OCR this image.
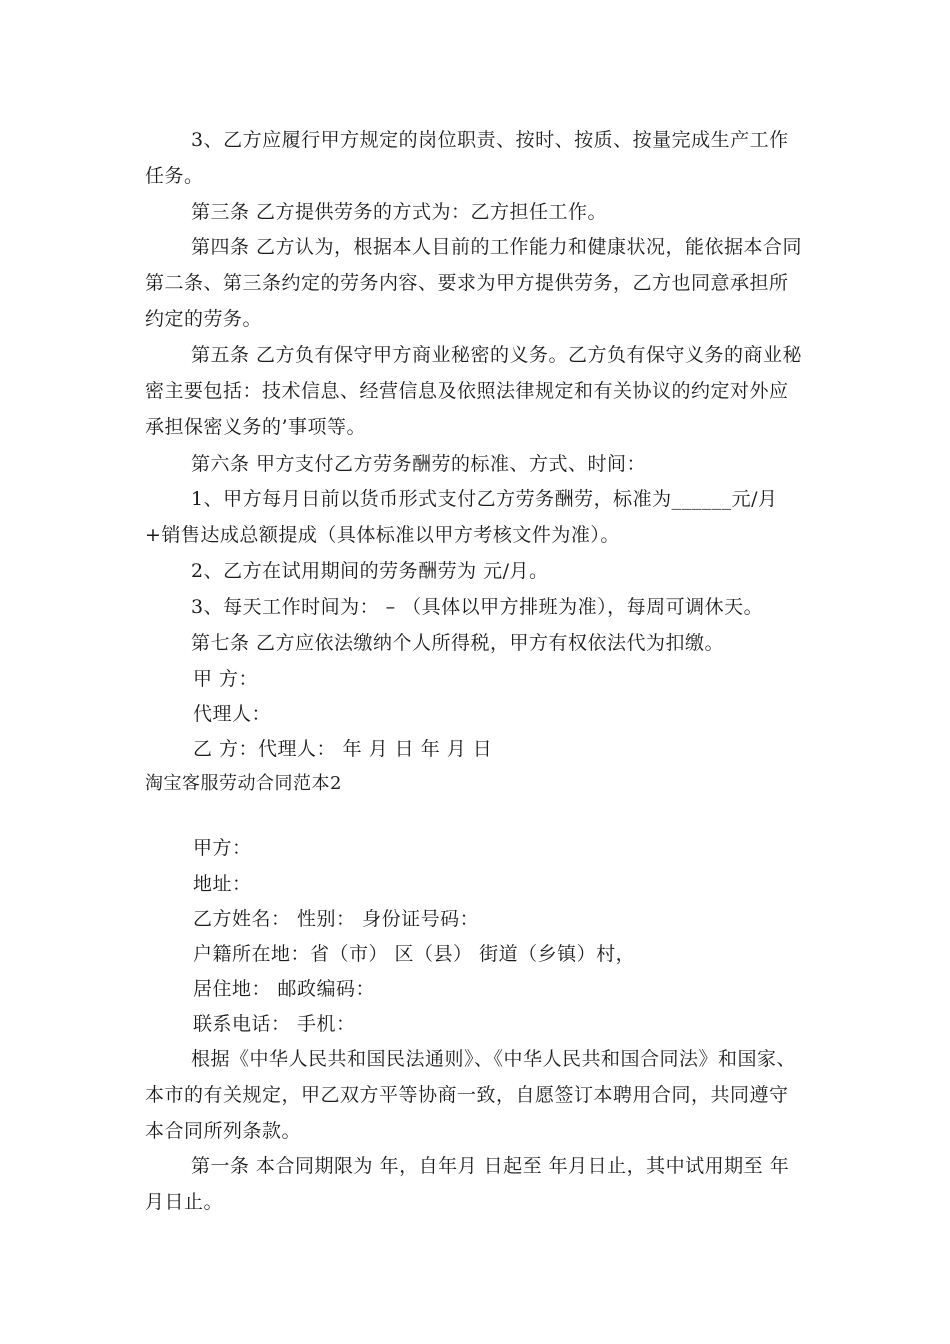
3、乙方应履行甲方规定的岗位职责、按时、按质、按量完成生产工作任务。

第三条 乙方提供劳务的方式为：乙方担任工作。

第四条 乙方认为，根据本人目前的工作能力和健康状况，能依据本合同第二条、第三条约定的劳务内容、要求为甲方提供劳务，乙方也同意承担所约定的劳务。

第五条 乙方负有保守甲方商业秘密的义务。乙方负有保守义务的商业秘密主要包括：技术信息、经营信息及依照法律规定和有关协议的约定对外应承担保密义务的’事项等。

第六条 甲方支付乙方劳务酬劳的标准、方式、时间：

1、甲方每月日前以货币形式支付乙方劳务酬劳，标准为______元/月+销售达成总额提成（具体标准以甲方考核文件为准）。

2、乙方在试用期间的劳务酬劳为 元/月。

3、每天工作时间为： – （具体以甲方排班为准），每周可调休天。

第七条 乙方应依法缴纳个人所得税，甲方有权依法代为扣缴。

甲 方：

代理人：

乙 方：代理人： 年 月 日 年 月 日

淘宝客服劳动合同范本2

甲方：

地址：

乙方姓名： 性别： 身份证号码：

户籍所在地：省（市） 区（县） 街道（乡镇）村，

居住地： 邮政编码：

联系电话： 手机：

根据《中华人民共和国民法通则》、《中华人民共和国合同法》和国家、本市的有关规定，甲乙双方平等协商一致，自愿签订本聘用合同，共同遵守本合同所列条款。

第一条 本合同期限为 年，自年月 日起至 年月日止，其中试用期至 年月日止。
